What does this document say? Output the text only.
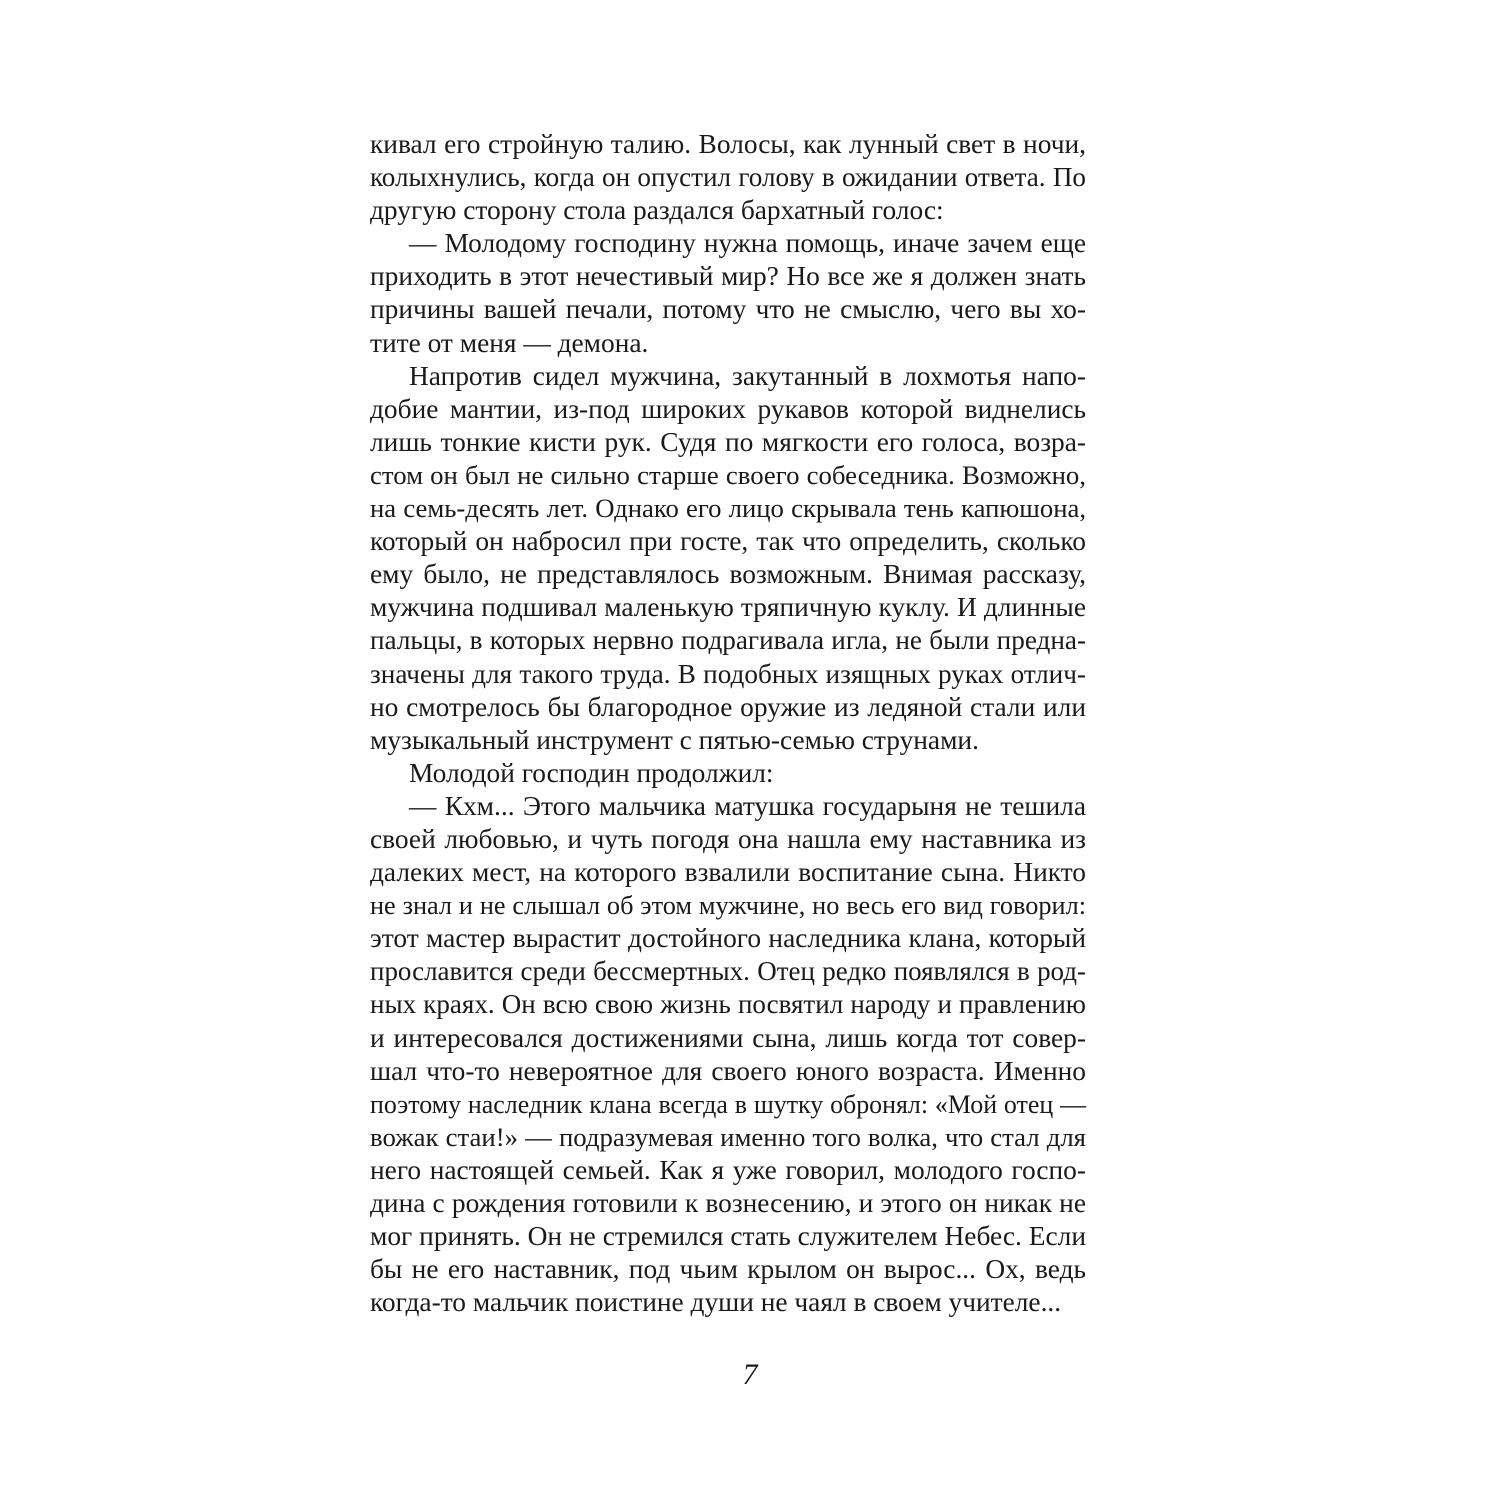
кивал его стройную талию. Волосы, как лунный свет в ночи,
колыхнулись, когда он опустил голову в ожидании ответа. По
другую сторону стола раздался бархатный голос:
— Молодому господину нужна помощь, иначе зачем еще
приходить в этот нечестивый мир? Но все же я должен знать
причины вашей печали, потому что не смыслю, чего вы хо-
тите от меня — демона.
Напротив сидел мужчина, закутанный в лохмотья напо-
добие мантии, из-под широких рукавов которой виднелись
лишь тонкие кисти рук. Судя по мягкости его голоса, возра-
стом он был не сильно старше своего собеседника. Возможно,
на семь-десять лет. Однако его лицо скрывала тень капюшона,
который он набросил при госте, так что определить, сколько
ему было, не представлялось возможным. Внимая рассказу,
мужчина подшивал маленькую тряпичную куклу. И длинные
пальцы, в которых нервно подрагивала игла, не были предна-
значены для такого труда. В подобных изящных руках отлич-
но смотрелось бы благородное оружие из ледяной стали или
музыкальный инструмент с пятью-семью струнами.
Молодой господин продолжил:
— Кхм... Этого мальчика матушка государыня не тешила
своей любовью, и чуть погодя она нашла ему наставника из
далеких мест, на которого взвалили воспитание сына. Никто
не знал и не слышал об этом мужчине, но весь его вид говорил:
этот мастер вырастит достойного наследника клана, который
прославится среди бессмертных. Отец редко появлялся в род-
ных краях. Он всю свою жизнь посвятил народу и правлению
и интересовался достижениями сына, лишь когда тот совер-
шал что-то невероятное для своего юного возраста. Именно
поэтому наследник клана всегда в шутку обронял: «Мой отец —
вожак стаи!» — подразумевая именно того волка, что стал для
него настоящей семьей. Как я уже говорил, молодого госпо-
дина с рождения готовили к вознесению, и этого он никак не
мог принять. Он не стремился стать служителем Небес. Если
бы не его наставник, под чьим крылом он вырос... Ох, ведь
когда-то мальчик поистине души не чаял в своем учителе...
7
